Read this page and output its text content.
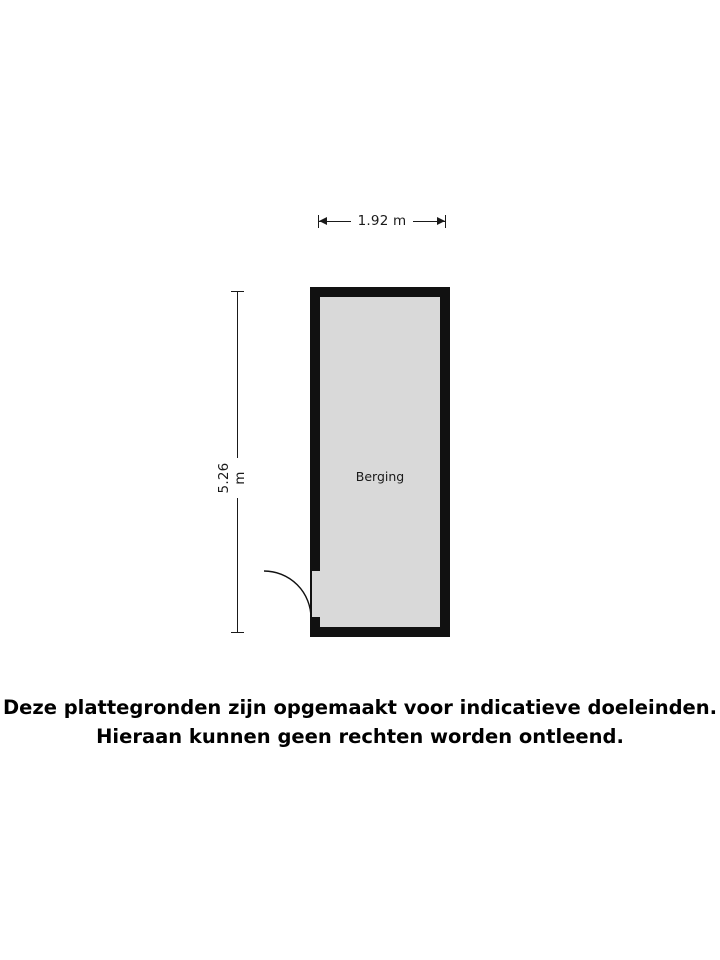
1.92 m
5.26 m	Berging
Deze plattegronden zijn opgemaakt voor indicatieve doeleinden.
Hieraan kunnen geen rechten worden ontleend.
